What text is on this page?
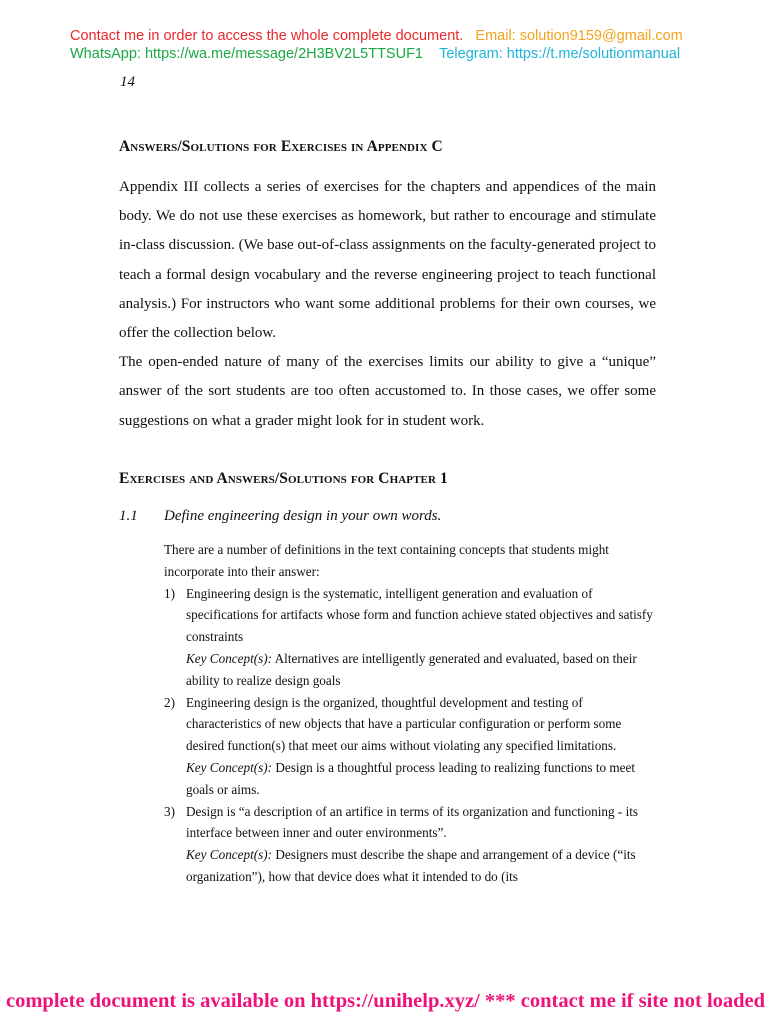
Contact me in order to access the whole complete document. Email: solution9159@gmail.com
WhatsApp: https://wa.me/message/2H3BV2L5TTSUF1 Telegram: https://t.me/solutionmanual
14
Answers/Solutions for Exercises in Appendix C

Appendix III collects a series of exercises for the chapters and appendices of the main body. We do not use these exercises as homework, but rather to encourage and stimulate in-class discussion. (We base out-of-class assignments on the faculty-generated project to teach a formal design vocabulary and the reverse engineering project to teach functional analysis.) For instructors who want some additional problems for their own courses, we offer the collection below.

The open-ended nature of many of the exercises limits our ability to give a “unique” answer of the sort students are too often accustomed to. In those cases, we offer some suggestions on what a grader might look for in student work.

Exercises and Answers/Solutions for Chapter 1
1.1 Define engineering design in your own words.

There are a number of definitions in the text containing concepts that students might incorporate into their answer:

1) Engineering design is the systematic, intelligent generation and evaluation of specifications for artifacts whose form and function achieve stated objectives and satisfy constraints

Key Concept(s): Alternatives are intelligently generated and evaluated, based on their ability to realize design goals

2) Engineering design is the organized, thoughtful development and testing of characteristics of new objects that have a particular configuration or perform some desired function(s) that meet our aims without violating any specified limitations.

Key Concept(s): Design is a thoughtful process leading to realizing functions to meet goals or aims.

3) Design is “a description of an artifice in terms of its organization and functioning - its interface between inner and outer environments”.

Key Concept(s): Designers must describe the shape and arrangement of a device (“its organization”), how that device does what it intended to do (its

complete document is available on https://unihelp.xyz/ *** contact me if site not loaded
